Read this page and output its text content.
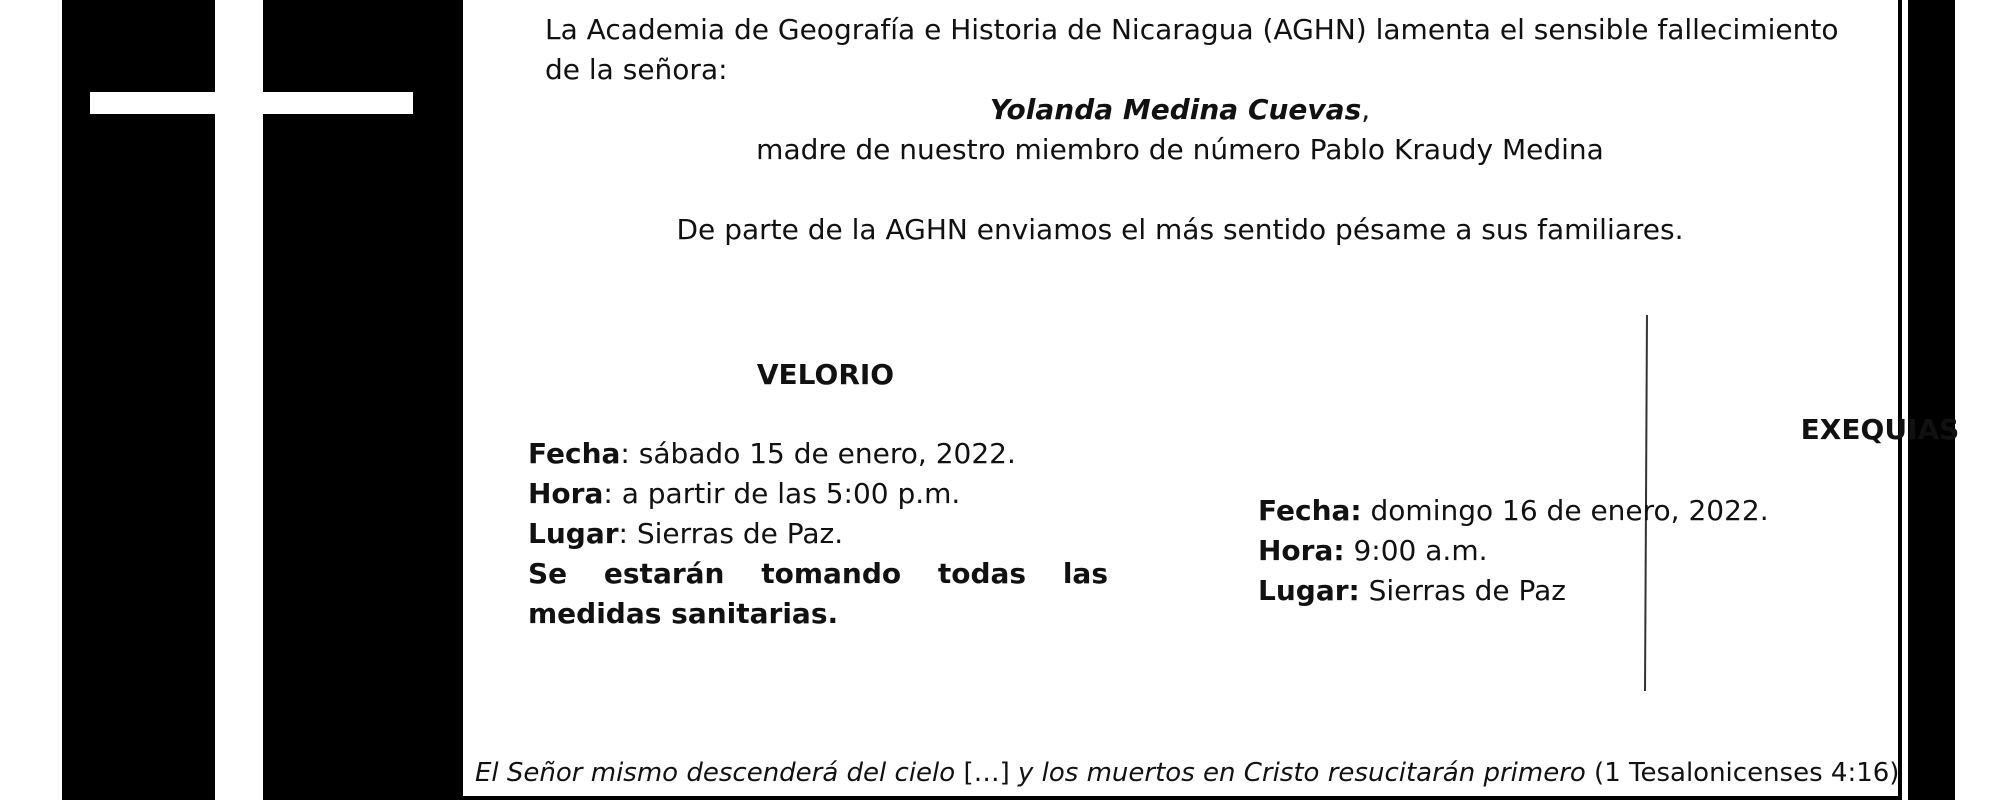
La Academia de Geografía e Historia de Nicaragua (AGHN) lamenta el sensible fallecimiento
de la señora:
Yolanda Medina Cuevas,
madre de nuestro miembro de número Pablo Kraudy Medina
De parte de la AGHN enviamos el más sentido pésame a sus familiares.
VELORIO
Fecha: sábado 15 de enero, 2022.
Hora: a partir de las 5:00 p.m.
Lugar: Sierras de Paz.
Se estarán tomando todas las medidas sanitarias.
EXEQUIAS
Fecha: domingo 16 de enero, 2022.
Hora: 9:00 a.m.
Lugar: Sierras de Paz
El Señor mismo descenderá del cielo […] y los muertos en Cristo resucitarán primero (1 Tesalonicenses 4:16)
